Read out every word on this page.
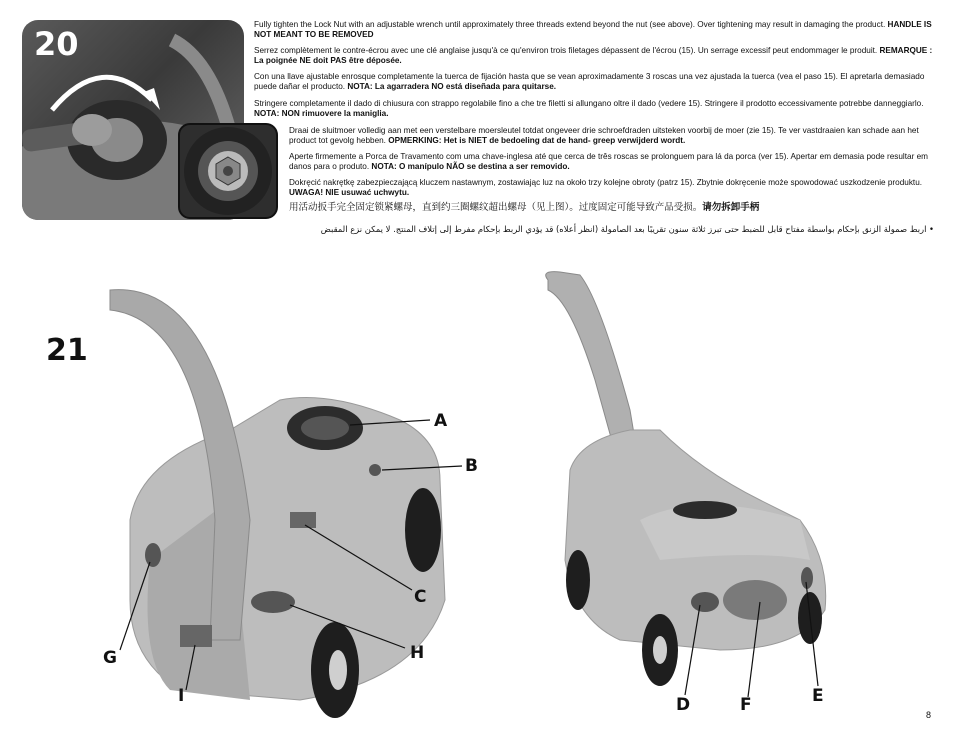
20
Fully tighten the Lock Nut with an adjustable wrench until approximately three threads extend beyond the nut (see above). Over tightening may result in damaging the product. HANDLE IS NOT MEANT TO BE REMOVED
Serrez complètement le contre-écrou avec une clé anglaise jusqu'à ce qu'environ trois filetages dépassent de l'écrou (15). Un serrage excessif peut endommager le produit. REMARQUE : La poignée NE doit PAS être déposée.
Con una llave ajustable enrosque completamente la tuerca de fijación hasta que se vean aproximadamente 3 roscas una vez ajustada la tuerca (vea el paso 15). El apretarla demasiado puede dañar el producto. NOTA: La agarradera NO está diseñada para quitarse.
Stringere completamente il dado di chiusura con strappo regolabile fino a che tre filetti si allungano oltre il dado (vedere 15). Stringere il prodotto eccessivamente potrebbe danneggiarlo. NOTA: NON rimuovere la maniglia.
Draai de sluitmoer volledig aan met een verstelbare moersleutel totdat ongeveer drie schroefdraden uitsteken voorbij de moer (zie 15). Te ver vastdraaien kan schade aan het product tot gevolg hebben. OPMERKING: Het is NIET de bedoeling dat de hand- greep verwijderd wordt.
Aperte firmemente a Porca de Travamento com uma chave-inglesa até que cerca de três roscas se prolonguem para lá da porca (ver 15). Apertar em demasia pode resultar em danos para o produto. NOTA: O manípulo NÃO se destina a ser removido.
Dokręcić nakrętkę zabezpieczającą kluczem nastawnym, zostawiając luz na około trzy kolejne obroty (patrz 15). Zbytnie dokręcenie może spowodować uszkodzenie produktu. UWAGA! NIE usuwać uchwytu.
用活动扳手完全固定锁紧螺母，直到约三圈螺纹超出螺母（见上图）。过度固定可能导致产品受损。请勿拆卸手柄
• اربط صمولة الزنق بإحكام بواسطة مفتاح قابل للضبط حتى تبرز ثلاثة سنون تقريبًا بعد الصامولة (انظر أعلاه) قد يؤدي الربط بإحكام مفرط إلى إتلاف المنتج. لا يمكن نزع المقبض
21
A
B
C
H
G
I	D	F	E
8
